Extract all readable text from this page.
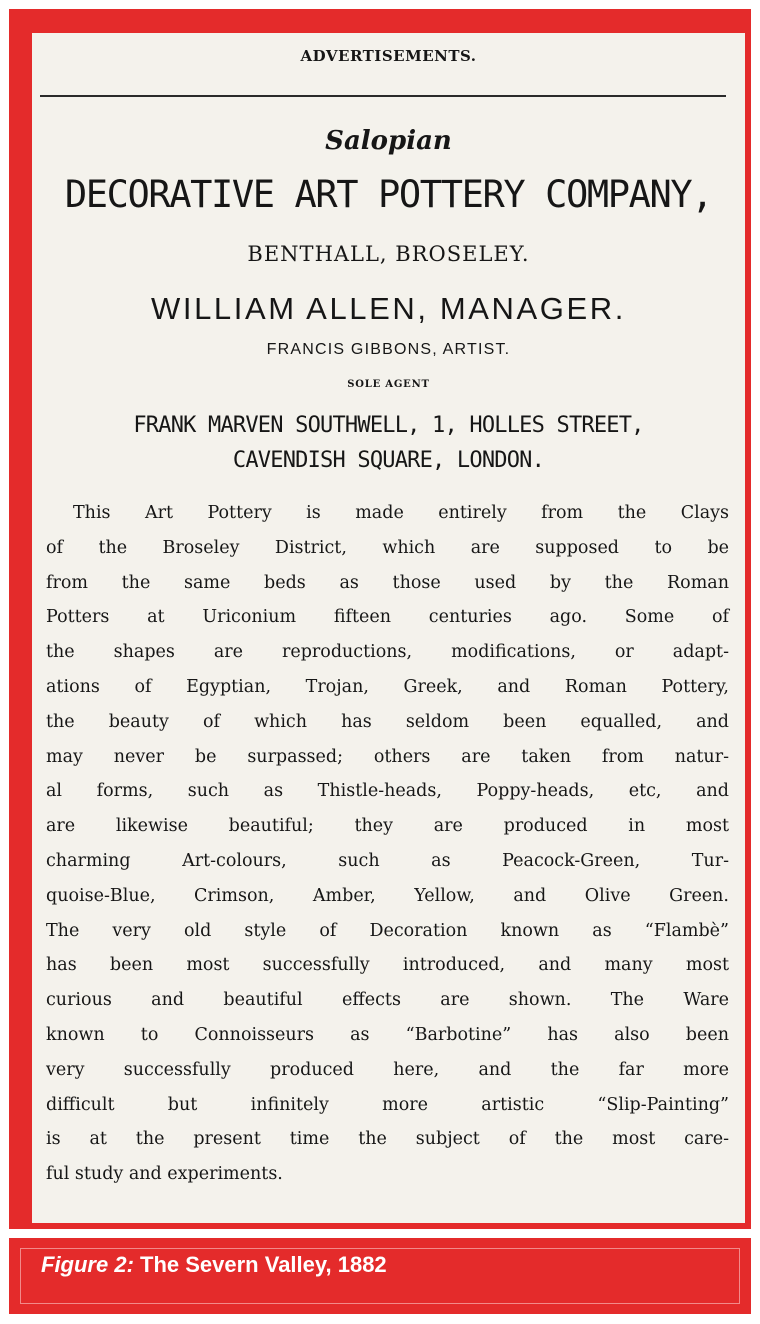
ADVERTISEMENTS.
Salopian
DECORATIVE ART POTTERY COMPANY,
BENTHALL, BROSELEY.
WILLIAM ALLEN, MANAGER.
FRANCIS GIBBONS, ARTIST.
SOLE AGENT
FRANK MARVEN SOUTHWELL, 1, HOLLES STREET,
CAVENDISH SQUARE, LONDON.
This Art Pottery is made entirely from the Clays
of the Broseley District, which are supposed to be
from the same beds as those used by the Roman
Potters at Uriconium fifteen centuries ago. Some of
the shapes are reproductions, modifications, or adapt-
ations of Egyptian, Trojan, Greek, and Roman Pottery,
the beauty of which has seldom been equalled, and
may never be surpassed; others are taken from natur-
al forms, such as Thistle-heads, Poppy-heads, etc, and
are likewise beautiful; they are produced in most
charming Art-colours, such as Peacock-Green, Tur-
quoise-Blue, Crimson, Amber, Yellow, and Olive Green.
The very old style of Decoration known as “Flambè”
has been most successfully introduced, and many most
curious and beautiful effects are shown. The Ware
known to Connoisseurs as “Barbotine” has also been
very successfully produced here, and the far more
difficult but infinitely more artistic “Slip-Painting”
is at the present time the subject of the most care-
ful study and experiments.
Figure 2: The Severn Valley, 1882
